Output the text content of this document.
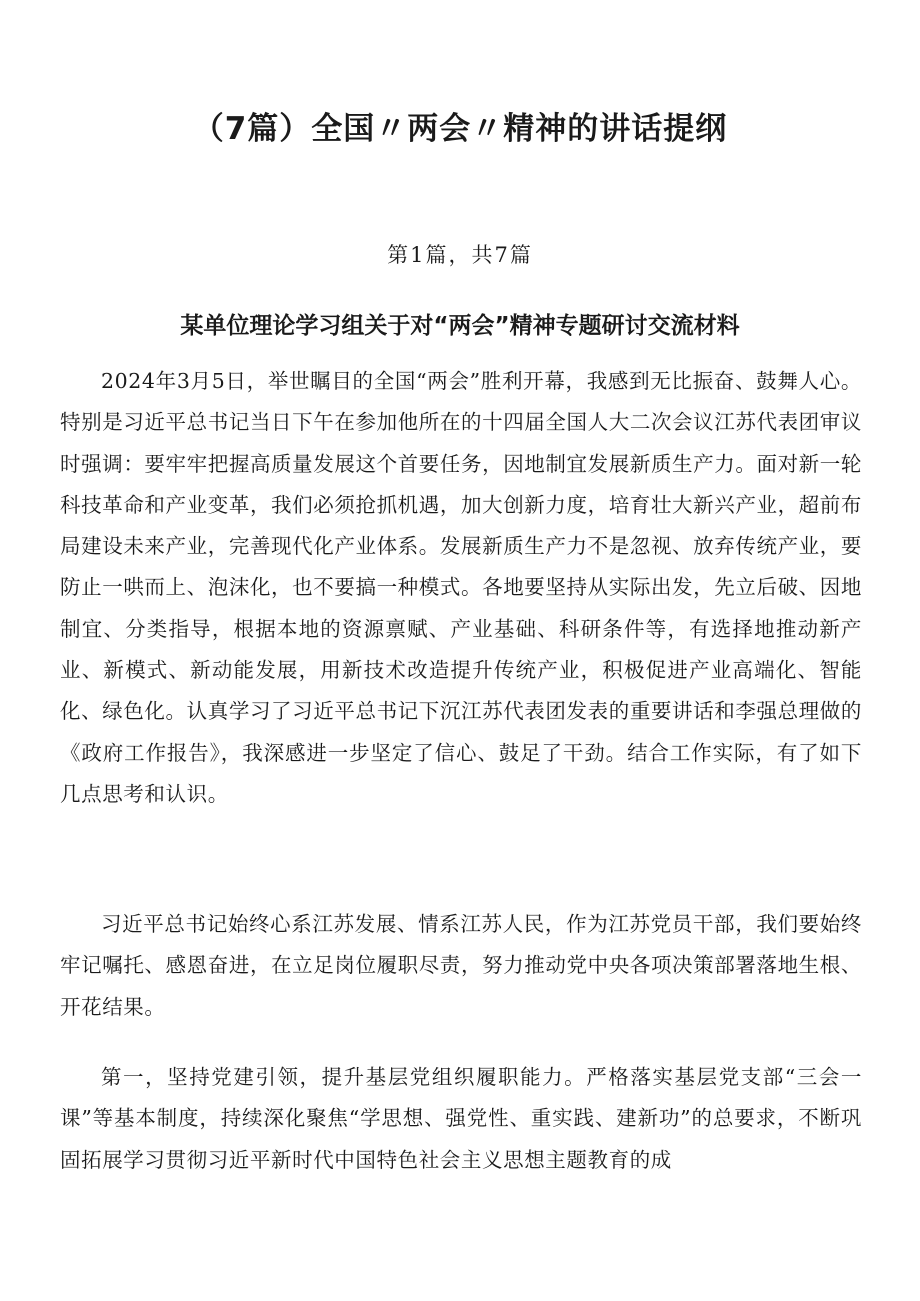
（7篇）全国〃两会〃精神的讲话提纲
第1篇，共7篇
某单位理论学习组关于对“两会”精神专题研讨交流材料

2024年3月5日，举世瞩目的全国“两会”胜利开幕，我感到无比振奋、鼓舞人心。特别是习近平总书记当日下午在参加他所在的十四届全国人大二次会议江苏代表团审议时强调：要牢牢把握高质量发展这个首要任务，因地制宜发展新质生产力。面对新一轮科技革命和产业变革，我们必须抢抓机遇，加大创新力度，培育壮大新兴产业，超前布局建设未来产业，完善现代化产业体系。发展新质生产力不是忽视、放弃传统产业，要防止一哄而上、泡沫化，也不要搞一种模式。各地要坚持从实际出发，先立后破、因地制宜、分类指导，根据本地的资源禀赋、产业基础、科研条件等，有选择地推动新产业、新模式、新动能发展，用新技术改造提升传统产业，积极促进产业高端化、智能化、绿色化。认真学习了习近平总书记下沉江苏代表团发表的重要讲话和李强总理做的《政府工作报告》，我深感进一步坚定了信心、鼓足了干劲。结合工作实际，有了如下几点思考和认识。

习近平总书记始终心系江苏发展、情系江苏人民，作为江苏党员干部，我们要始终牢记嘱托、感恩奋进，在立足岗位履职尽责，努力推动党中央各项决策部署落地生根、开花结果。

第一，坚持党建引领，提升基层党组织履职能力。严格落实基层党支部“三会一课”等基本制度，持续深化聚焦“学思想、强党性、重实践、建新功”的总要求，不断巩固拓展学习贯彻习近平新时代中国特色社会主义思想主题教育的成
